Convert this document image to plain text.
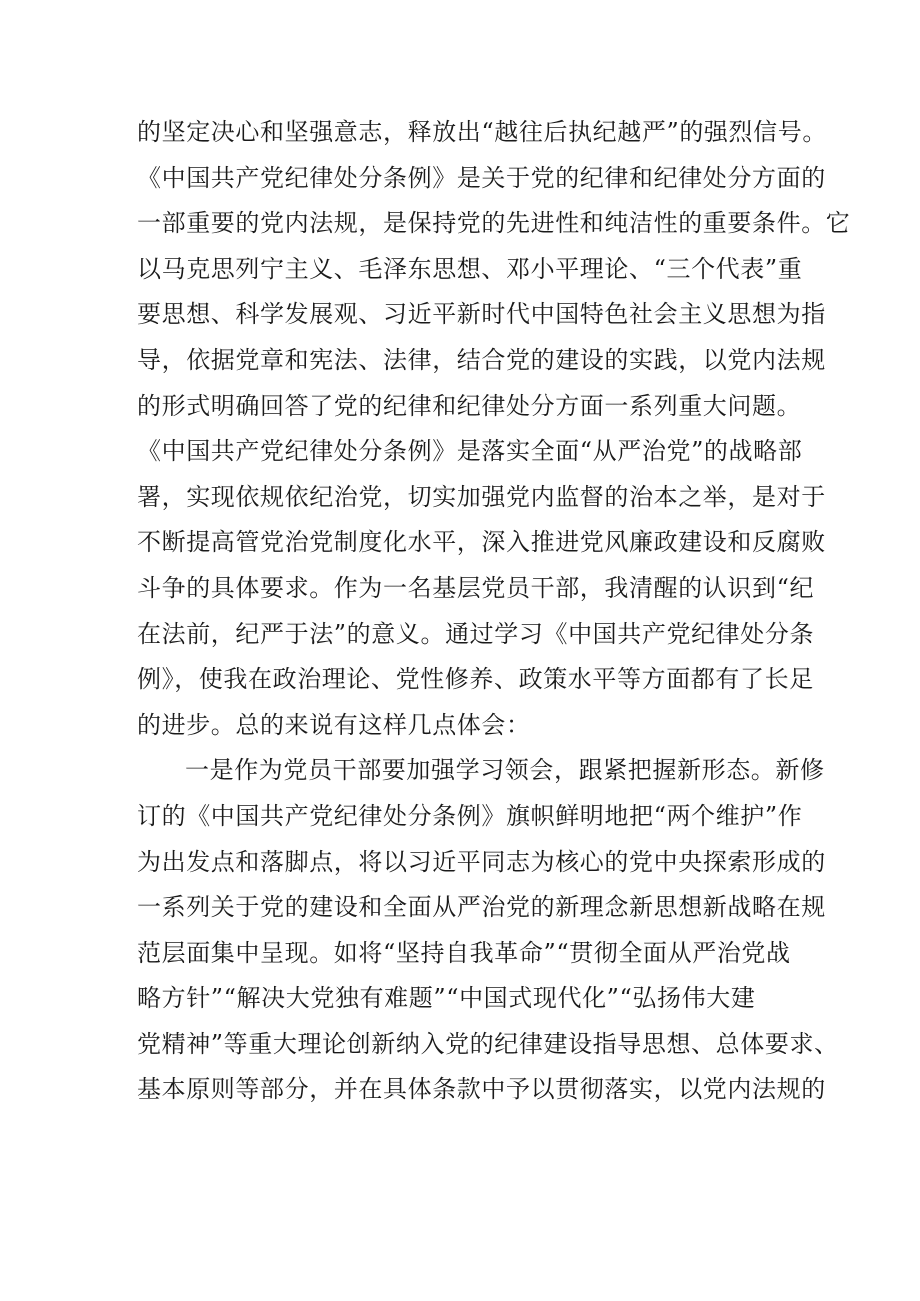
的坚定决心和坚强意志，释放出“越往后执纪越严”的强烈信号。
《中国共产党纪律处分条例》是关于党的纪律和纪律处分方面的
一部重要的党内法规，是保持党的先进性和纯洁性的重要条件。它
以马克思列宁主义、毛泽东思想、邓小平理论、“三个代表”重
要思想、科学发展观、习近平新时代中国特色社会主义思想为指
导，依据党章和宪法、法律，结合党的建设的实践，以党内法规
的形式明确回答了党的纪律和纪律处分方面一系列重大问题。
《中国共产党纪律处分条例》是落实全面“从严治党”的战略部
署，实现依规依纪治党，切实加强党内监督的治本之举，是对于
不断提高管党治党制度化水平，深入推进党风廉政建设和反腐败
斗争的具体要求。作为一名基层党员干部，我清醒的认识到“纪
在法前，纪严于法”的意义。通过学习《中国共产党纪律处分条
例》，使我在政治理论、党性修养、政策水平等方面都有了长足
的进步。总的来说有这样几点体会：
一是作为党员干部要加强学习领会，跟紧把握新形态。新修
订的《中国共产党纪律处分条例》旗帜鲜明地把“两个维护”作
为出发点和落脚点，将以习近平同志为核心的党中央探索形成的
一系列关于党的建设和全面从严治党的新理念新思想新战略在规
范层面集中呈现。如将“坚持自我革命”“贯彻全面从严治党战
略方针”“解决大党独有难题”“中国式现代化”“弘扬伟大建
党精神”等重大理论创新纳入党的纪律建设指导思想、总体要求、
基本原则等部分，并在具体条款中予以贯彻落实，以党内法规的
